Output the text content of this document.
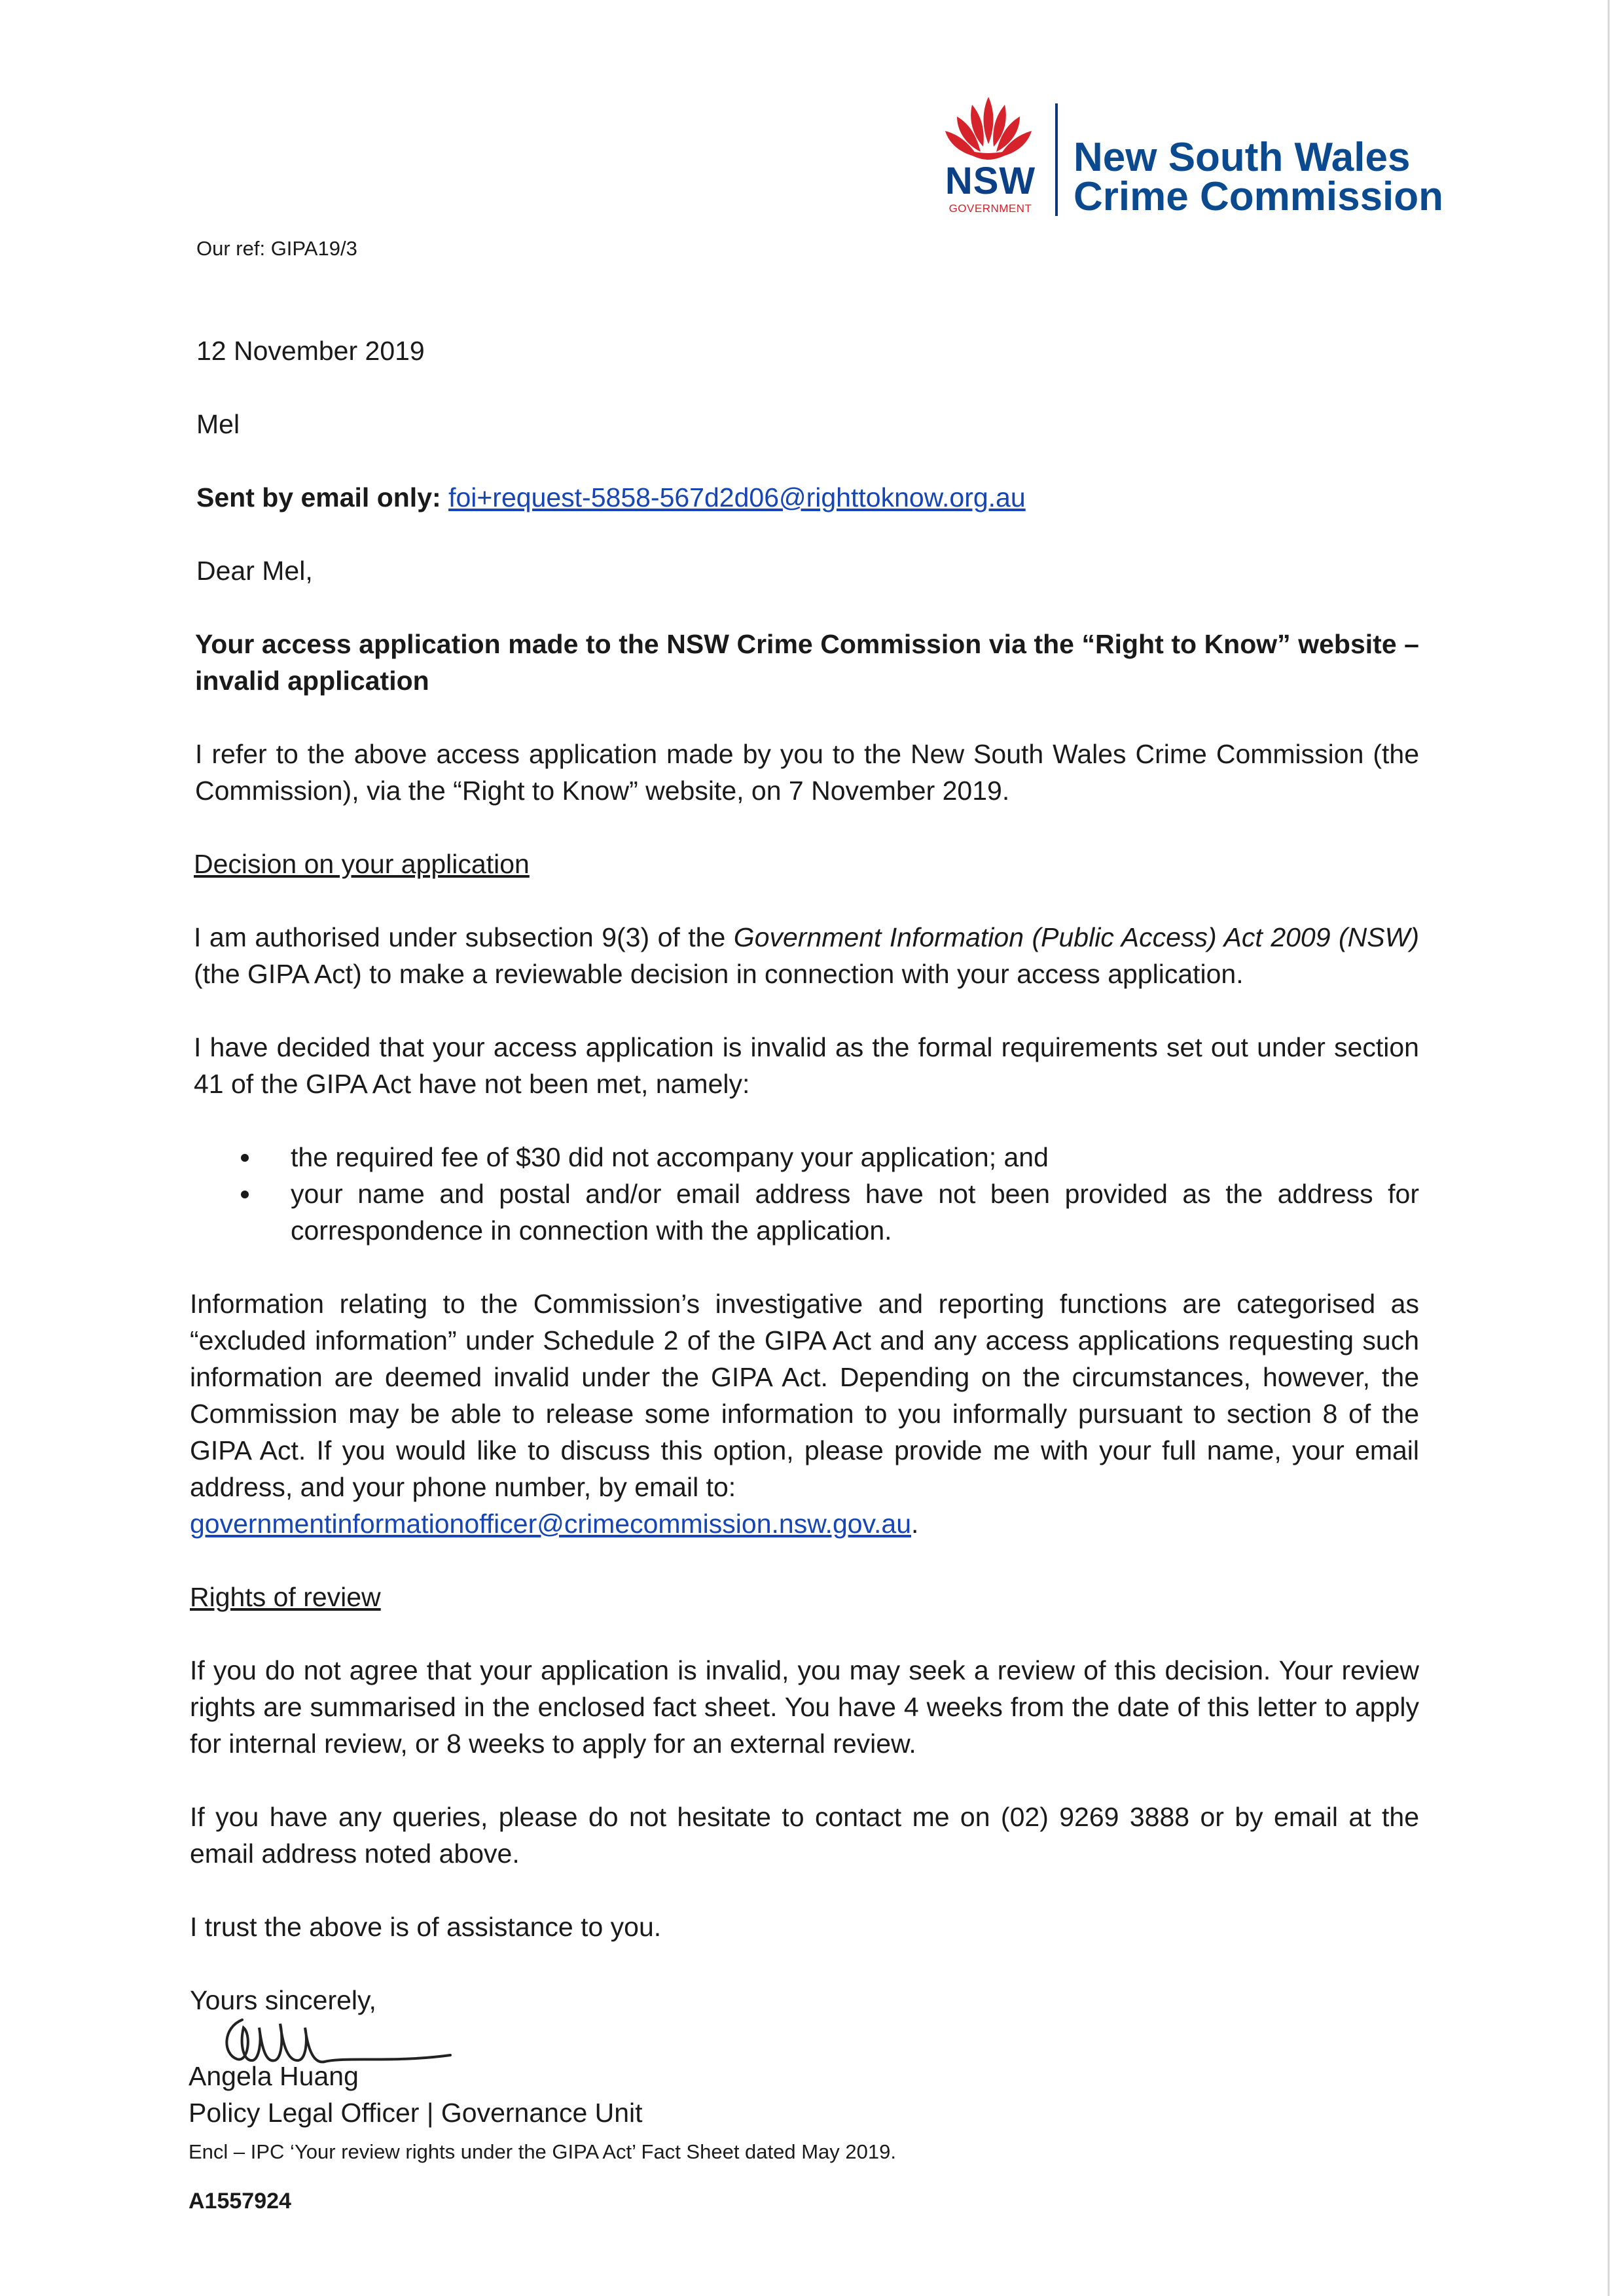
NSW
GOVERNMENT
New South Wales
Crime Commission
Our ref: GIPA19/3
12 November 2019
Mel
Sent by email only: foi+request-5858-567d2d06@righttoknow.org.au
Dear Mel,
Your access application made to the NSW Crime Commission via the “Right to Know” website – invalid application
I refer to the above access application made by you to the New South Wales Crime Commission (the Commission), via the “Right to Know” website, on 7 November 2019.
Decision on your application
I am authorised under subsection 9(3) of the Government Information (Public Access) Act 2009 (NSW) (the GIPA Act) to make a reviewable decision in connection with your access application.
I have decided that your access application is invalid as the formal requirements set out under section 41 of the GIPA Act have not been met, namely:
the required fee of $30 did not accompany your application; and
your name and postal and/or email address have not been provided as the address for correspondence in connection with the application.
Information relating to the Commission’s investigative and reporting functions are categorised as “excluded information” under Schedule 2 of the GIPA Act and any access applications requesting such information are deemed invalid under the GIPA Act. Depending on the circumstances, however, the Commission may be able to release some information to you informally pursuant to section 8 of the GIPA Act. If you would like to discuss this option, please provide me with your full name, your email address, and your phone number, by email to:
governmentinformationofficer@crimecommission.nsw.gov.au.
Rights of review
If you do not agree that your application is invalid, you may seek a review of this decision. Your review rights are summarised in the enclosed fact sheet. You have 4 weeks from the date of this letter to apply for internal review, or 8 weeks to apply for an external review.
If you have any queries, please do not hesitate to contact me on (02) 9269 3888 or by email at the email address noted above.
I trust the above is of assistance to you.
Yours sincerely,
Angela Huang
Policy Legal Officer | Governance Unit
Encl – IPC ‘Your review rights under the GIPA Act’ Fact Sheet dated May 2019.
A1557924
